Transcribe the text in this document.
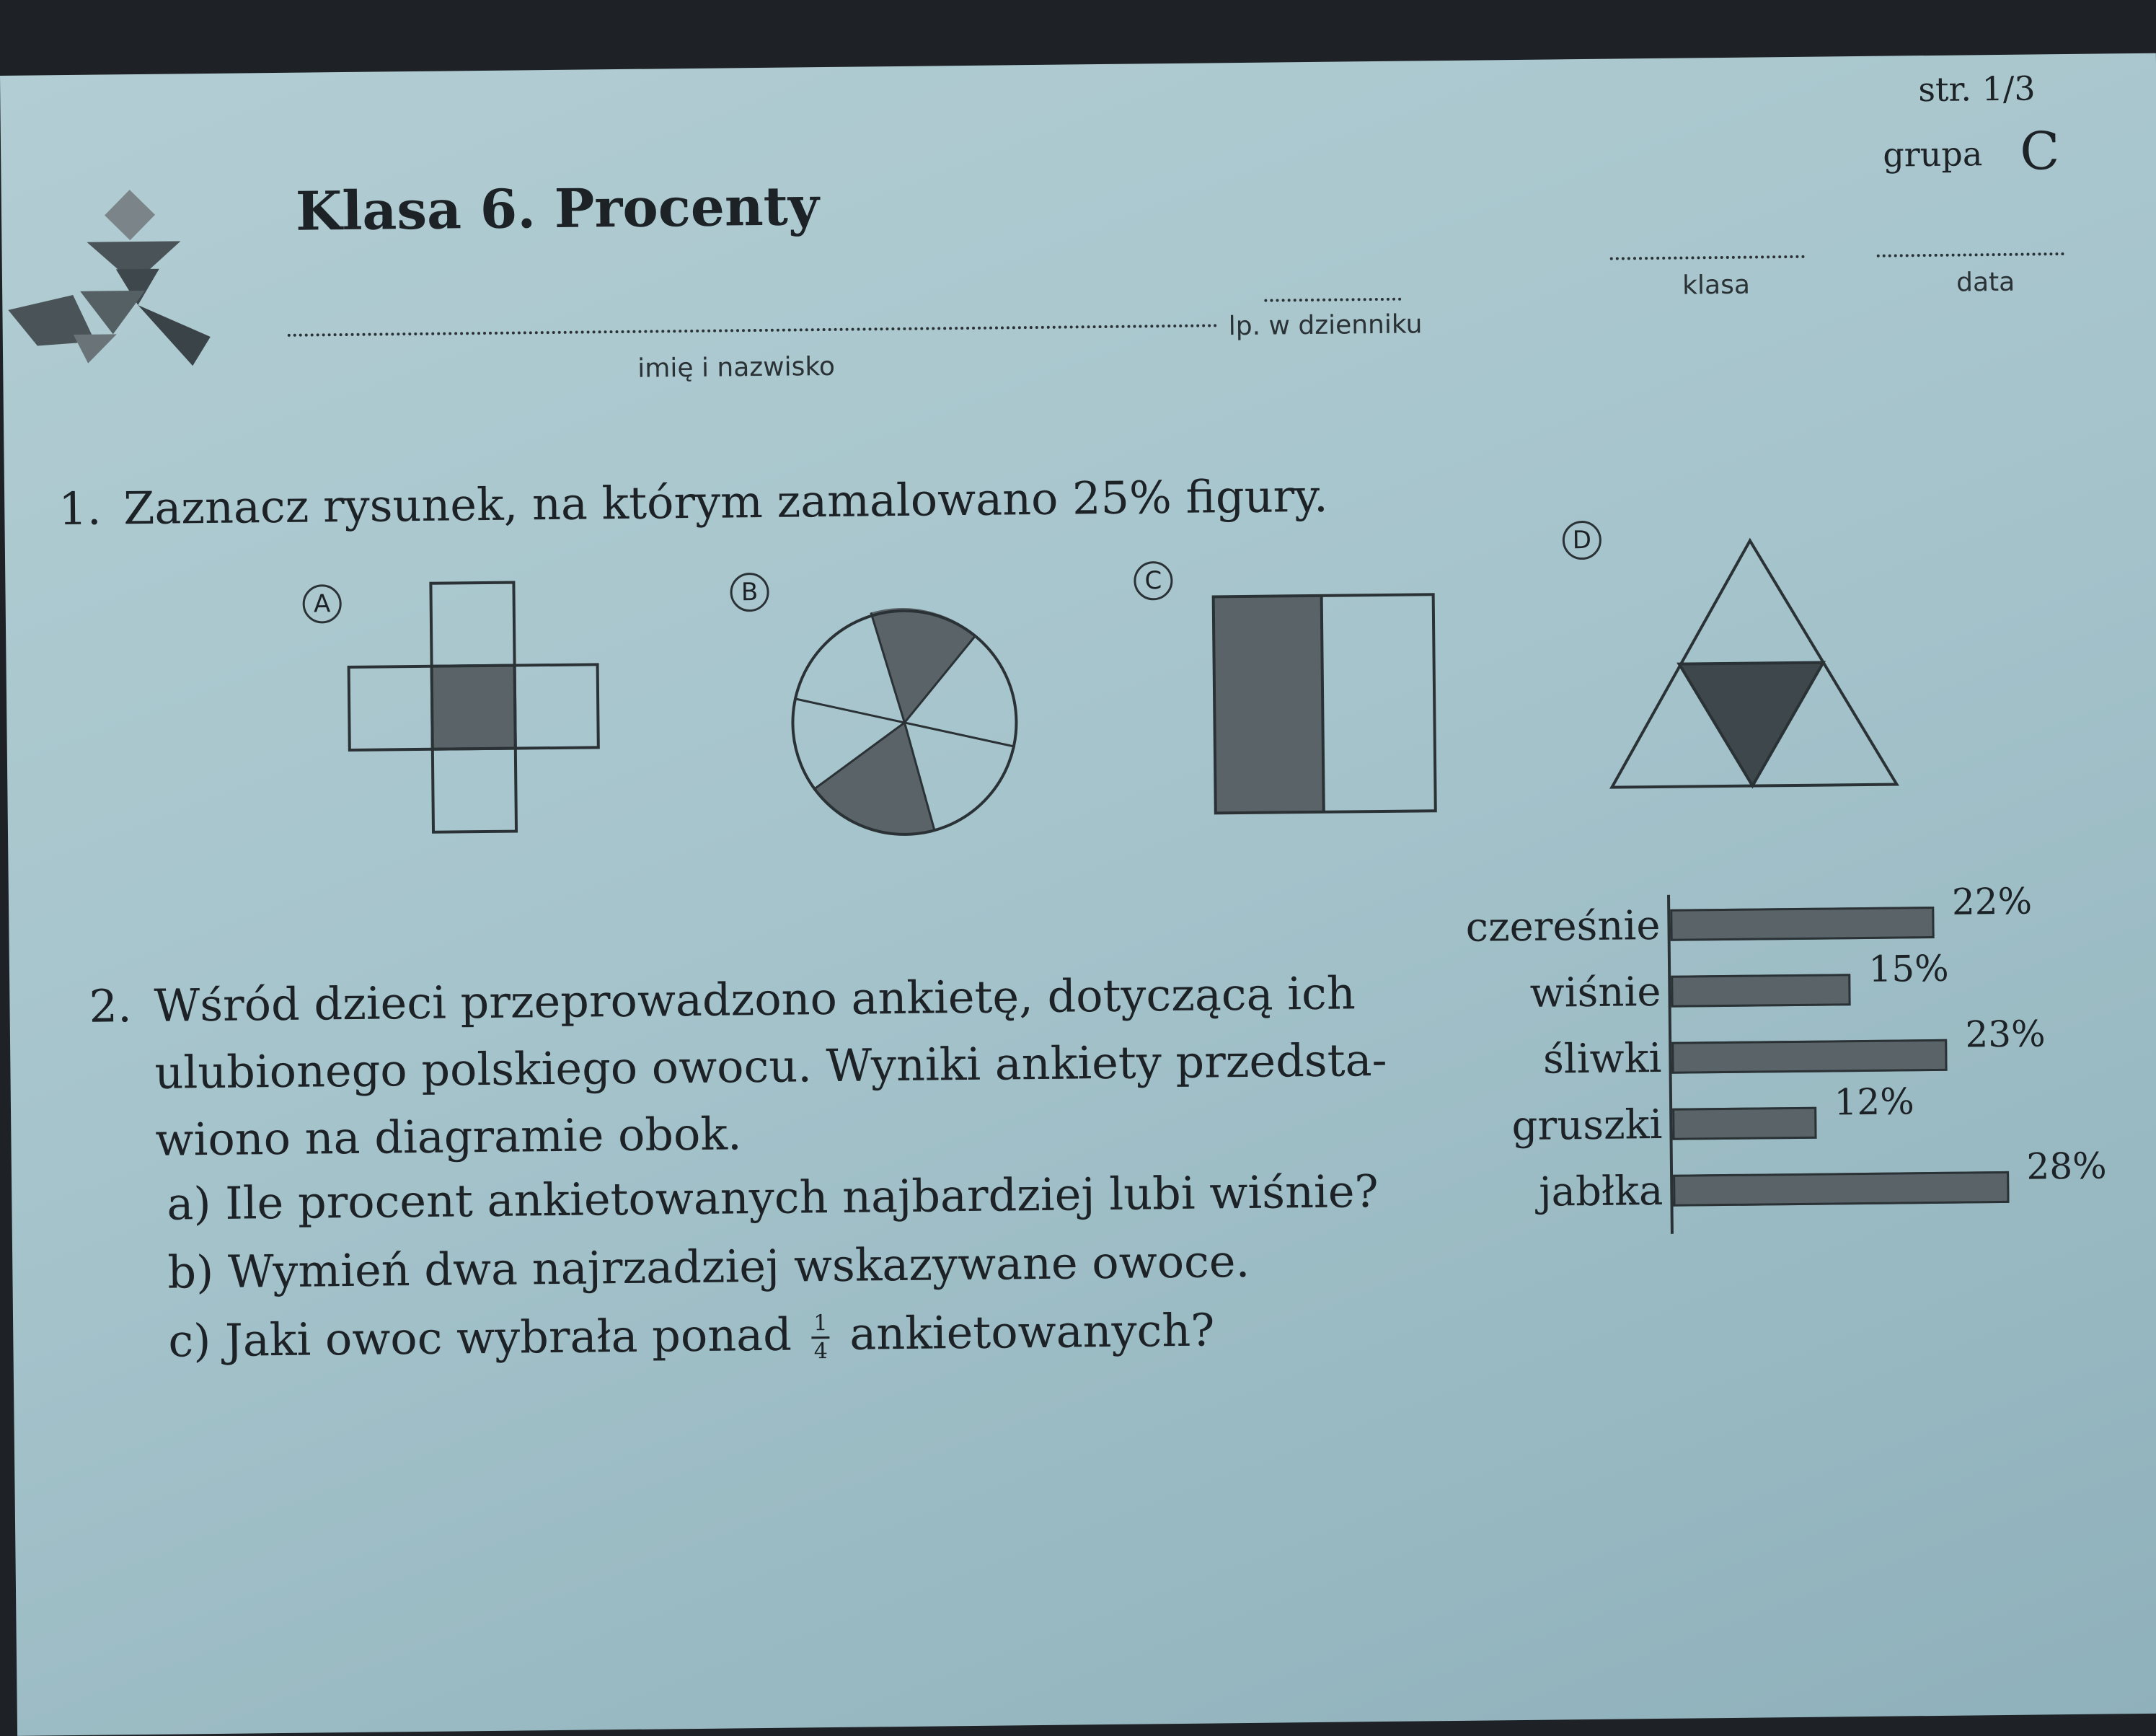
Klasa 6. Procenty
str. 1/3
grupa C
imię i nazwisko
lp. w dzienniku
klasa	data
1. Zaznacz rysunek, na którym zamalowano 25% figury.
A	B	C
D
2. Wśród dzieci przeprowadzono ankietę, dotyczącą ich
ulubionego polskiego owocu. Wyniki ankiety przedsta-
wiono na diagramie obok.
a) Ile procent ankietowanych najbardziej lubi wiśnie?
b) Wymień dwa najrzadziej wskazywane owoce.
c) Jaki owoc wybrała ponad $\frac{1}{4}$ ankietowanych?
czereśnie
22%
wiśnie	15%
śliwki
23%
gruszki	12%
jabłka
28%
